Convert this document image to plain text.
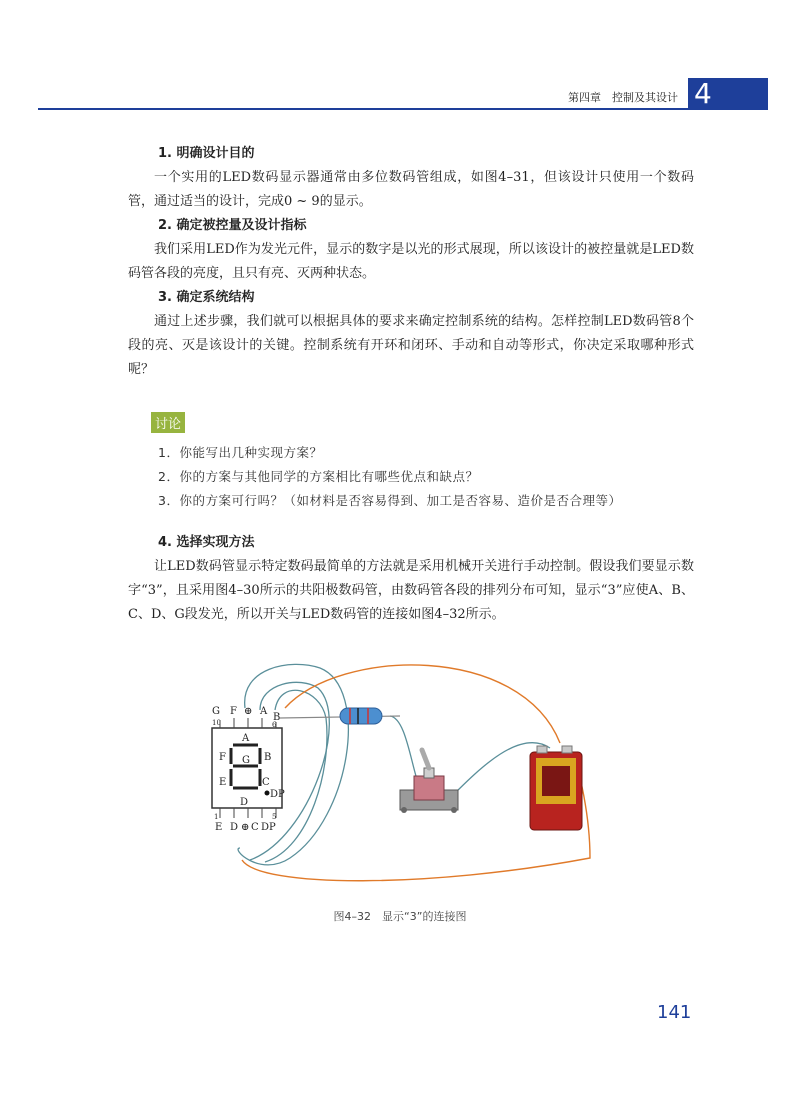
第四章　控制及其设计 4

1. 明确设计目的

一个实用的LED数码显示器通常由多位数码管组成，如图4–31，但该设计只使用一个数码管，通过适当的设计，完成0 ~ 9的显示。

2. 确定被控量及设计指标

我们采用LED作为发光元件，显示的数字是以光的形式展现，所以该设计的被控量就是LED数码管各段的亮度，且只有亮、灭两种状态。

3. 确定系统结构

通过上述步骤，我们就可以根据具体的要求来确定控制系统的结构。怎样控制LED数码管8个段的亮、灭是该设计的关键。控制系统有开环和闭环、手动和自动等形式，你决定采取哪种形式呢？

讨论

1．你能写出几种实现方案？

2．你的方案与其他同学的方案相比有哪些优点和缺点？

3．你的方案可行吗？（如材料是否容易得到、加工是否容易、造价是否合理等）

4. 选择实现方法

让LED数码管显示特定数码最简单的方法就是采用机械开关进行手动控制。假设我们要显示数字“3”，且采用图4–30所示的共阳极数码管，由数码管各段的排列分布可知，显示“3”应使A、B、C、D、G段发光，所以开关与LED数码管的连接如图4–32所示。

A
B
C
D
E
F G
DP
G F ⊕ A
B
10	6
E D ⊕ C DP
1	5
图4–32　显示“3”的连接图
141
